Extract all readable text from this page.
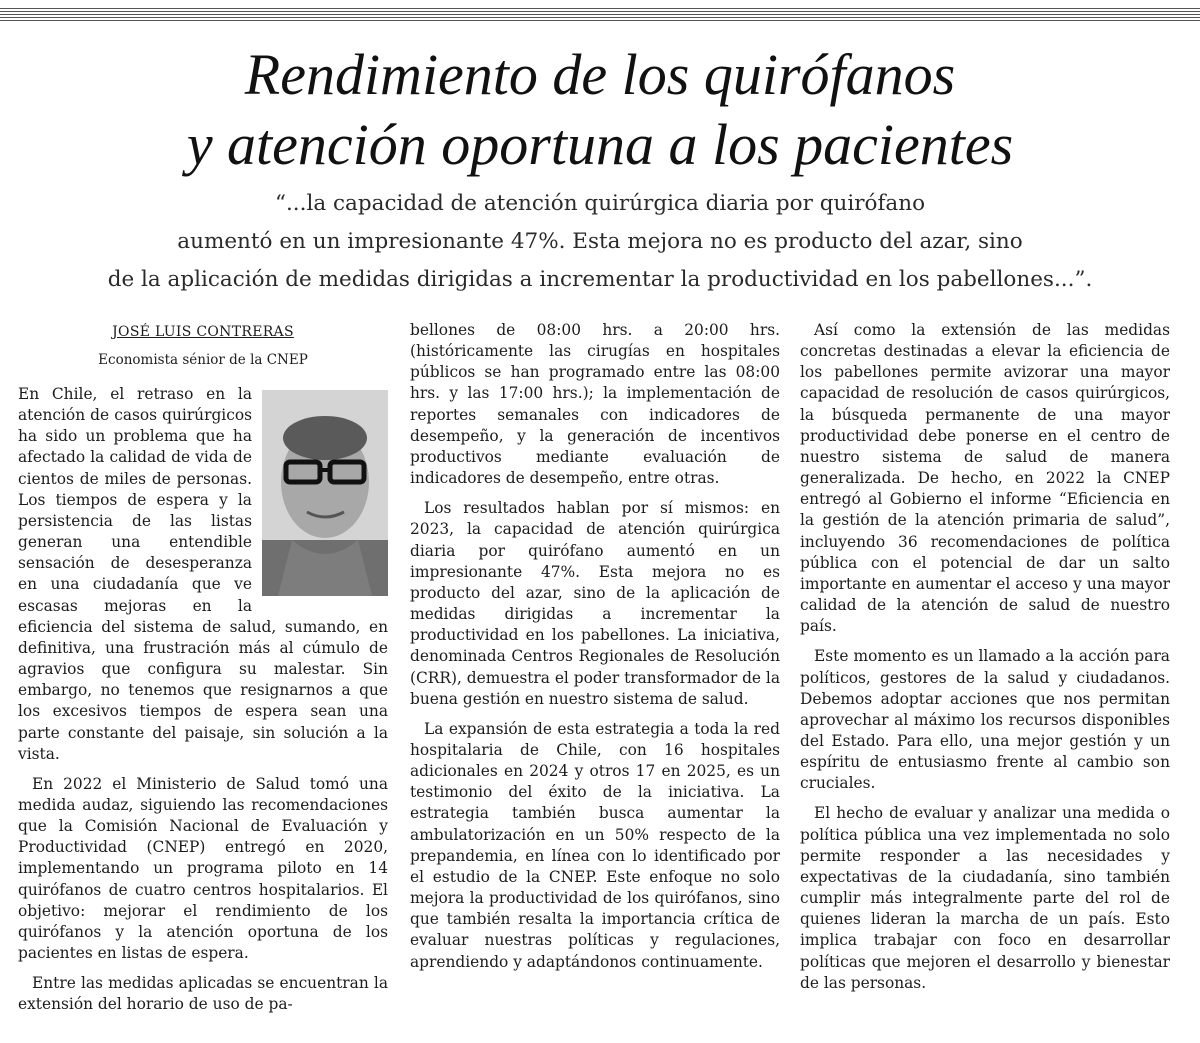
Rendimiento de los quirófanos
y atención oportuna a los pacientes
“...la capacidad de atención quirúrgica diaria por quirófano
aumentó en un impresionante 47%. Esta mejora no es producto del azar, sino
de la aplicación de medidas dirigidas a incrementar la productividad en los pabellones...”.
JOSÉ LUIS CONTRERAS
Economista sénior de la CNEP

En Chile, el retraso en la atención de casos quirúrgicos ha sido un problema que ha afectado la calidad de vida de cientos de miles de personas. Los tiempos de espera y la persistencia de las listas generan una entendible sensación de desesperanza en una ciudadanía que ve escasas mejoras en la eficiencia del sistema de salud, sumando, en definitiva, una frustración más al cúmulo de agravios que configura su malestar. Sin embargo, no tenemos que resignarnos a que los excesivos tiempos de espera sean una parte constante del paisaje, sin solución a la vista.

En 2022 el Ministerio de Salud tomó una medida audaz, siguiendo las recomendaciones que la Comisión Nacional de Evaluación y Productividad (CNEP) entregó en 2020, implementando un programa piloto en 14 quirófanos de cuatro centros hospitalarios. El objetivo: mejorar el rendimiento de los quirófanos y la atención oportuna de los pacientes en listas de espera.

Entre las medidas aplicadas se encuentran la extensión del horario de uso de pa-

bellones de 08:00 hrs. a 20:00 hrs. (históricamente las cirugías en hospitales públicos se han programado entre las 08:00 hrs. y las 17:00 hrs.); la implementación de reportes semanales con indicadores de desempeño, y la generación de incentivos productivos mediante evaluación de indicadores de desempeño, entre otras.

Los resultados hablan por sí mismos: en 2023, la capacidad de atención quirúrgica diaria por quirófano aumentó en un impresionante 47%. Esta mejora no es producto del azar, sino de la aplicación de medidas dirigidas a incrementar la productividad en los pabellones. La iniciativa, denominada Centros Regionales de Resolución (CRR), demuestra el poder transformador de la buena gestión en nuestro sistema de salud.

La expansión de esta estrategia a toda la red hospitalaria de Chile, con 16 hospitales adicionales en 2024 y otros 17 en 2025, es un testimonio del éxito de la iniciativa. La estrategia también busca aumentar la ambulatorización en un 50% respecto de la prepandemia, en línea con lo identificado por el estudio de la CNEP. Este enfoque no solo mejora la productividad de los quirófanos, sino que también resalta la importancia crítica de evaluar nuestras políticas y regulaciones, aprendiendo y adaptándonos continuamente.

Así como la extensión de las medidas concretas destinadas a elevar la eficiencia de los pabellones permite avizorar una mayor capacidad de resolución de casos quirúrgicos, la búsqueda permanente de una mayor productividad debe ponerse en el centro de nuestro sistema de salud de manera generalizada. De hecho, en 2022 la CNEP entregó al Gobierno el informe “Eficiencia en la gestión de la atención primaria de salud”, incluyendo 36 recomendaciones de política pública con el potencial de dar un salto importante en aumentar el acceso y una mayor calidad de la atención de salud de nuestro país.

Este momento es un llamado a la acción para políticos, gestores de la salud y ciudadanos. Debemos adoptar acciones que nos permitan aprovechar al máximo los recursos disponibles del Estado. Para ello, una mejor gestión y un espíritu de entusiasmo frente al cambio son cruciales.

El hecho de evaluar y analizar una medida o política pública una vez implementada no solo permite responder a las necesidades y expectativas de la ciudadanía, sino también cumplir más integralmente parte del rol de quienes lideran la marcha de un país. Esto implica trabajar con foco en desarrollar políticas que mejoren el desarrollo y bienestar de las personas.
